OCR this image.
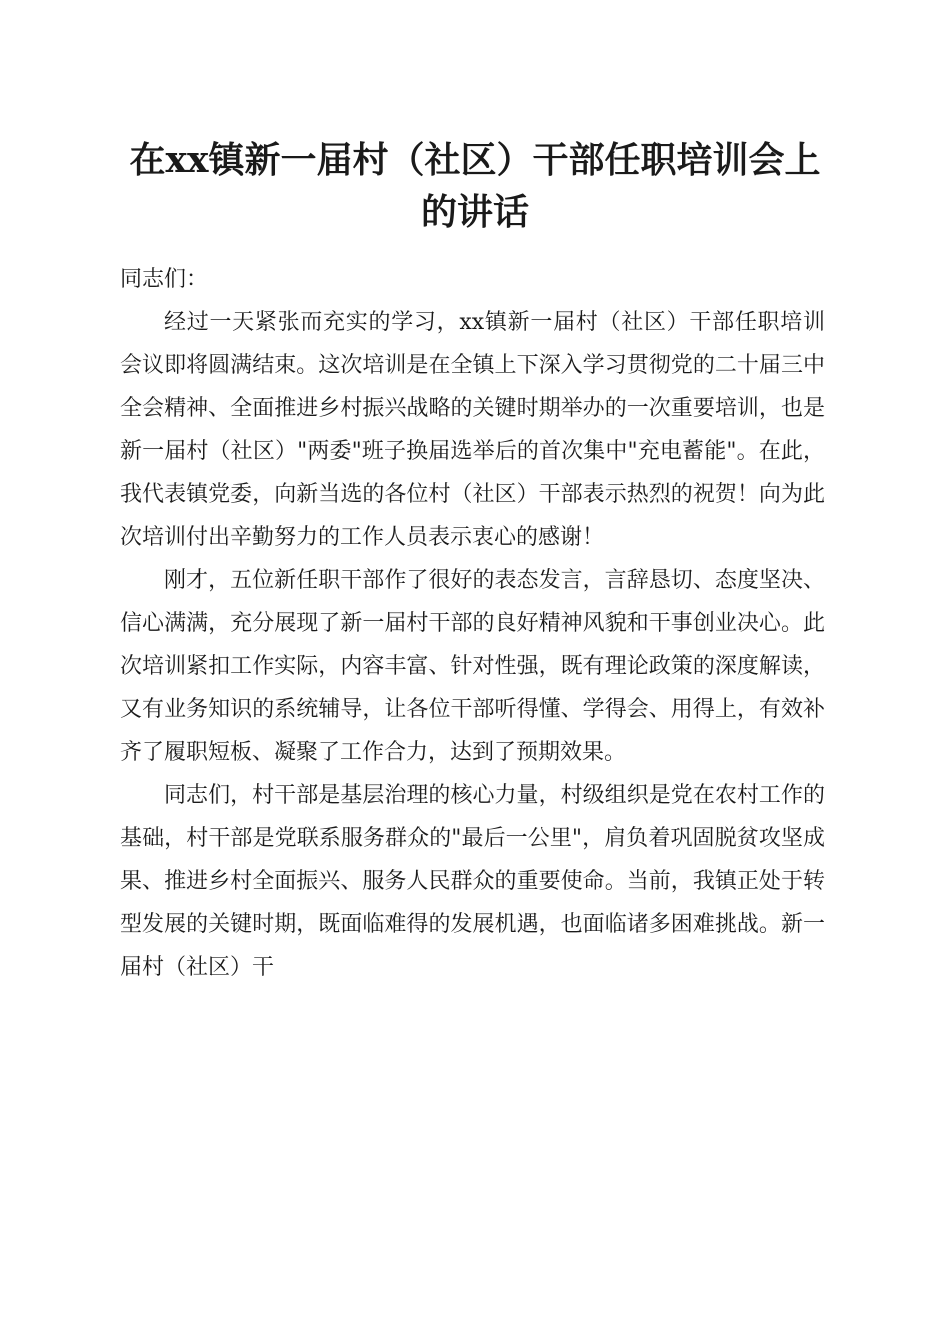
在xx镇新一届村（社区）干部任职培训会上
的讲话

同志们：

经过一天紧张而充实的学习，xx镇新一届村（社区）干部任职培训会议即将圆满结束。这次培训是在全镇上下深入学习贯彻党的二十届三中全会精神、全面推进乡村振兴战略的关键时期举办的一次重要培训，也是新一届村（社区）"两委"班子换届选举后的首次集中"充电蓄能"。在此，我代表镇党委，向新当选的各位村（社区）干部表示热烈的祝贺！向为此次培训付出辛勤努力的工作人员表示衷心的感谢！

刚才，五位新任职干部作了很好的表态发言，言辞恳切、态度坚决、信心满满，充分展现了新一届村干部的良好精神风貌和干事创业决心。此次培训紧扣工作实际，内容丰富、针对性强，既有理论政策的深度解读，又有业务知识的系统辅导，让各位干部听得懂、学得会、用得上，有效补齐了履职短板、凝聚了工作合力，达到了预期效果。

同志们，村干部是基层治理的核心力量，村级组织是党在农村工作的基础，村干部是党联系服务群众的"最后一公里"，肩负着巩固脱贫攻坚成果、推进乡村全面振兴、服务人民群众的重要使命。当前，我镇正处于转型发展的关键时期，既面临难得的发展机遇，也面临诸多困难挑战。新一届村（社区）干
